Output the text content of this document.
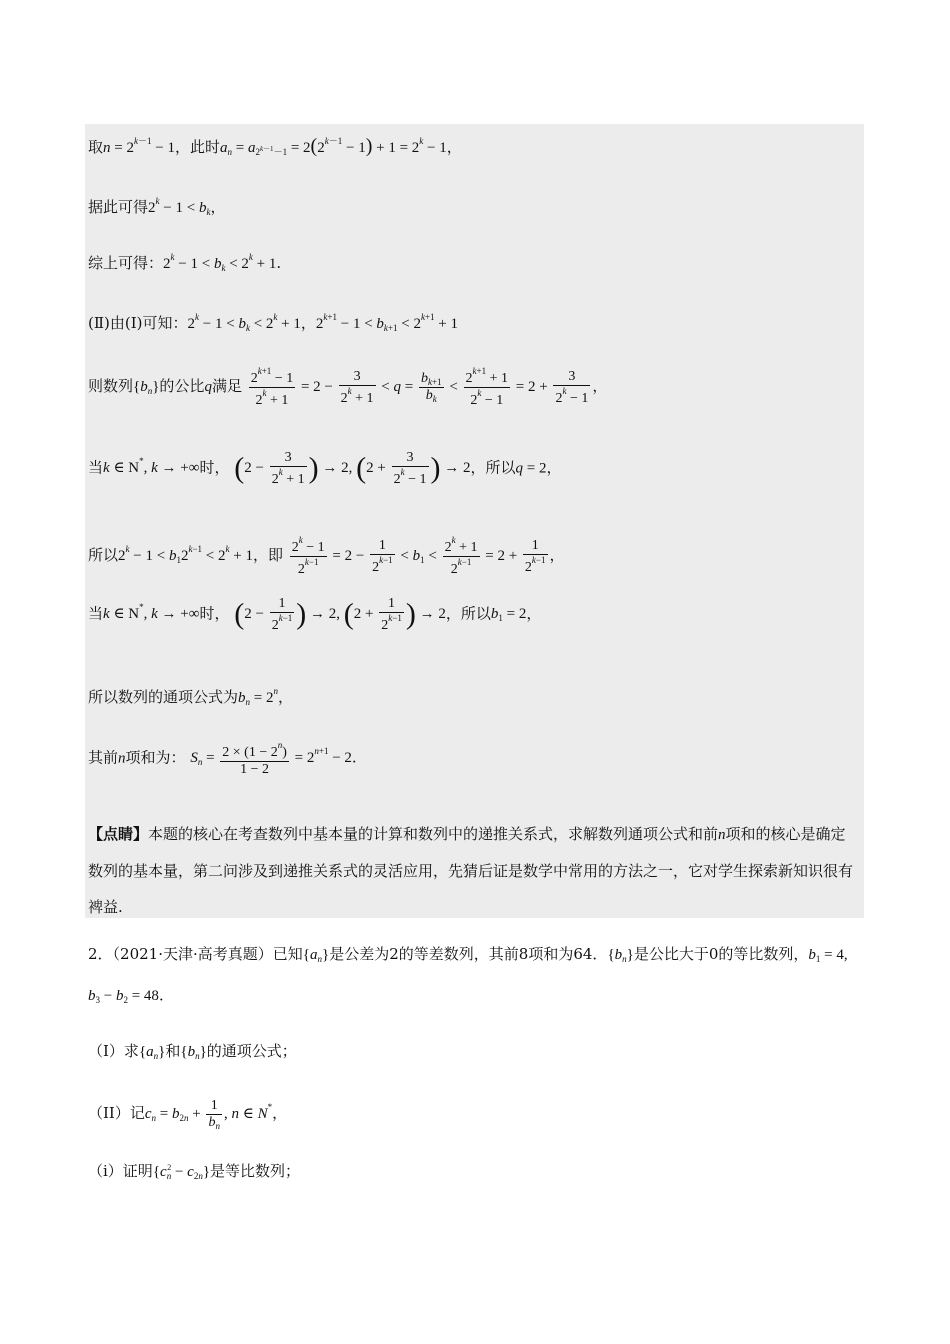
取$n = 2^{k-1} - 1$，此时$a_n = a_{2^{k-1}-1} = 2(2^{k-1} - 1) + 1 = 2^k - 1$，
据此可得$2^k - 1 < b_k$，
综上可得：$2^k - 1 < b_k < 2^k + 1$.
(Ⅱ)由(Ⅰ)可知：$2^k - 1 < b_k < 2^k + 1$，$2^{k+1} - 1 < b_{k+1} < 2^{k+1} + 1$
则数列$\{b_n\}$的公比q满足 $\frac{2^{k+1} - 1}{2^k + 1} = 2 - \frac{3}{2^k + 1} < q = \frac{b_{k+1}}{b_k} < \frac{2^{k+1} + 1}{2^k - 1} = 2 + \frac{3}{2^k - 1}$ ，
当k ∈ N*, k → +∞时， ($2 - \frac{3}{2^k + 1}$ ) → 2, ($2 + \frac{3}{2^k - 1}$ ) → 2，所以q = 2，
所以$2^k - 1 < b_12^{k-1} < 2^k + 1$，即 $\frac{2^k - 1}{2^{k-1}} = 2 - \frac{1}{2^{k-1}} < b_1 < \frac{2^k + 1}{2^{k-1}} = 2 + \frac{1}{2^{k-1}}$ ，
当k ∈ N*, k → +∞时， ($2 - \frac{1}{2^{k-1}}$ ) → 2, ($2 + \frac{1}{2^{k-1}}$ ) → 2，所以$b_1 = 2$，
所以数列的通项公式为$b_n = 2^n$，
其前n项和为： $S_n = \frac{2 \times (1 - 2^n)}{1 - 2} = 2^{n+1} - 2$.
【点睛】本题的核心在考查数列中基本量的计算和数列中的递推关系式，求解数列通项公式和前n项和的核心是确定数列的基本量，第二问涉及到递推关系式的灵活应用，先猜后证是数学中常用的方法之一，它对学生探索新知识很有裨益.
2．（2021·天津·高考真题）已知$\{a_n\}$是公差为2的等差数列，其前8项和为64．$\{b_n\}$是公比大于0的等比数列，$b_1 = 4$, $b_3 - b_2 = 48$．
（I）求$\{a_n\}$和$\{b_n\}$的通项公式；
（II）记$c_n = b_{2n} + \frac{1}{b_n}$ , n ∈ N*，
（i）证明$\{c_n^2 - c_{2n}\}$是等比数列；
